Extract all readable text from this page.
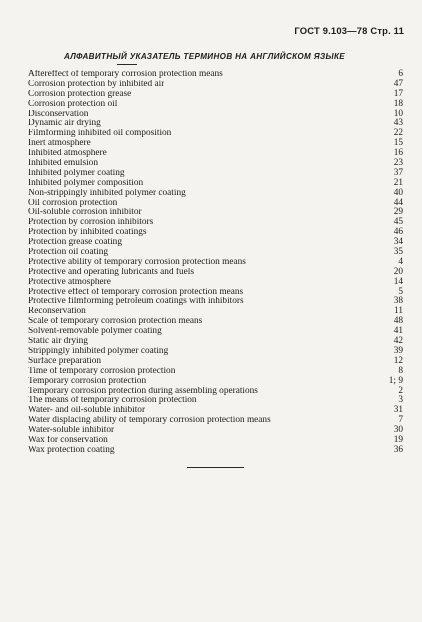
ГОСТ 9.103—78 Стр. 11
АЛФАВИТНЫЙ УКАЗАТЕЛЬ ТЕРМИНОВ НА АНГЛИЙСКОМ ЯЗЫКЕ
Aftereffect of temporary corrosion protection means	6
Corrosion protection by inhibited air	47
Corrosion protection grease	17
Corrosion protection oil	18
Disconservation	10
Dynamic air drying	43
Filmforming inhibited oil composition	22
Inert atmosphere	15
Inhibited atmosphere	16
Inhibited emulsion	23
Inhibited polymer coating	37
Inhibited polymer composition	21
Non-strippingly inhibited polymer coating	40
Oil corrosion protection	44
Oil-soluble corrosion inhibitor	29
Protection by corrosion inhibitors	45
Protection by inhibited coatings	46
Protection grease coating	34
Protection oil coating	35
Protective ability of temporary corrosion protection means	4
Protective and operating lubricants and fuels	20
Protective atmosphere	14
Protective effect of temporary corrosion protection means	5
Protective filmforming petroleum coatings with inhibitors	38
Reconservation	11
Scale of temporary corrosion protection means	48
Solvent-removable polymer coating	41
Static air drying	42
Strippingly inhibited polymer coating	39
Surface preparation	12
Time of temporary corrosion protection	8
Temporary corrosion protection	1; 9
Temporary corrosion protection during assembling operations	2
The means of temporary corrosion protection	3
Water- and oil-soluble inhibitor	31
Water displacing ability of temporary corrosion protection means	7
Water-soluble inhibitor	30
Wax for conservation	19
Wax protection coating	36
